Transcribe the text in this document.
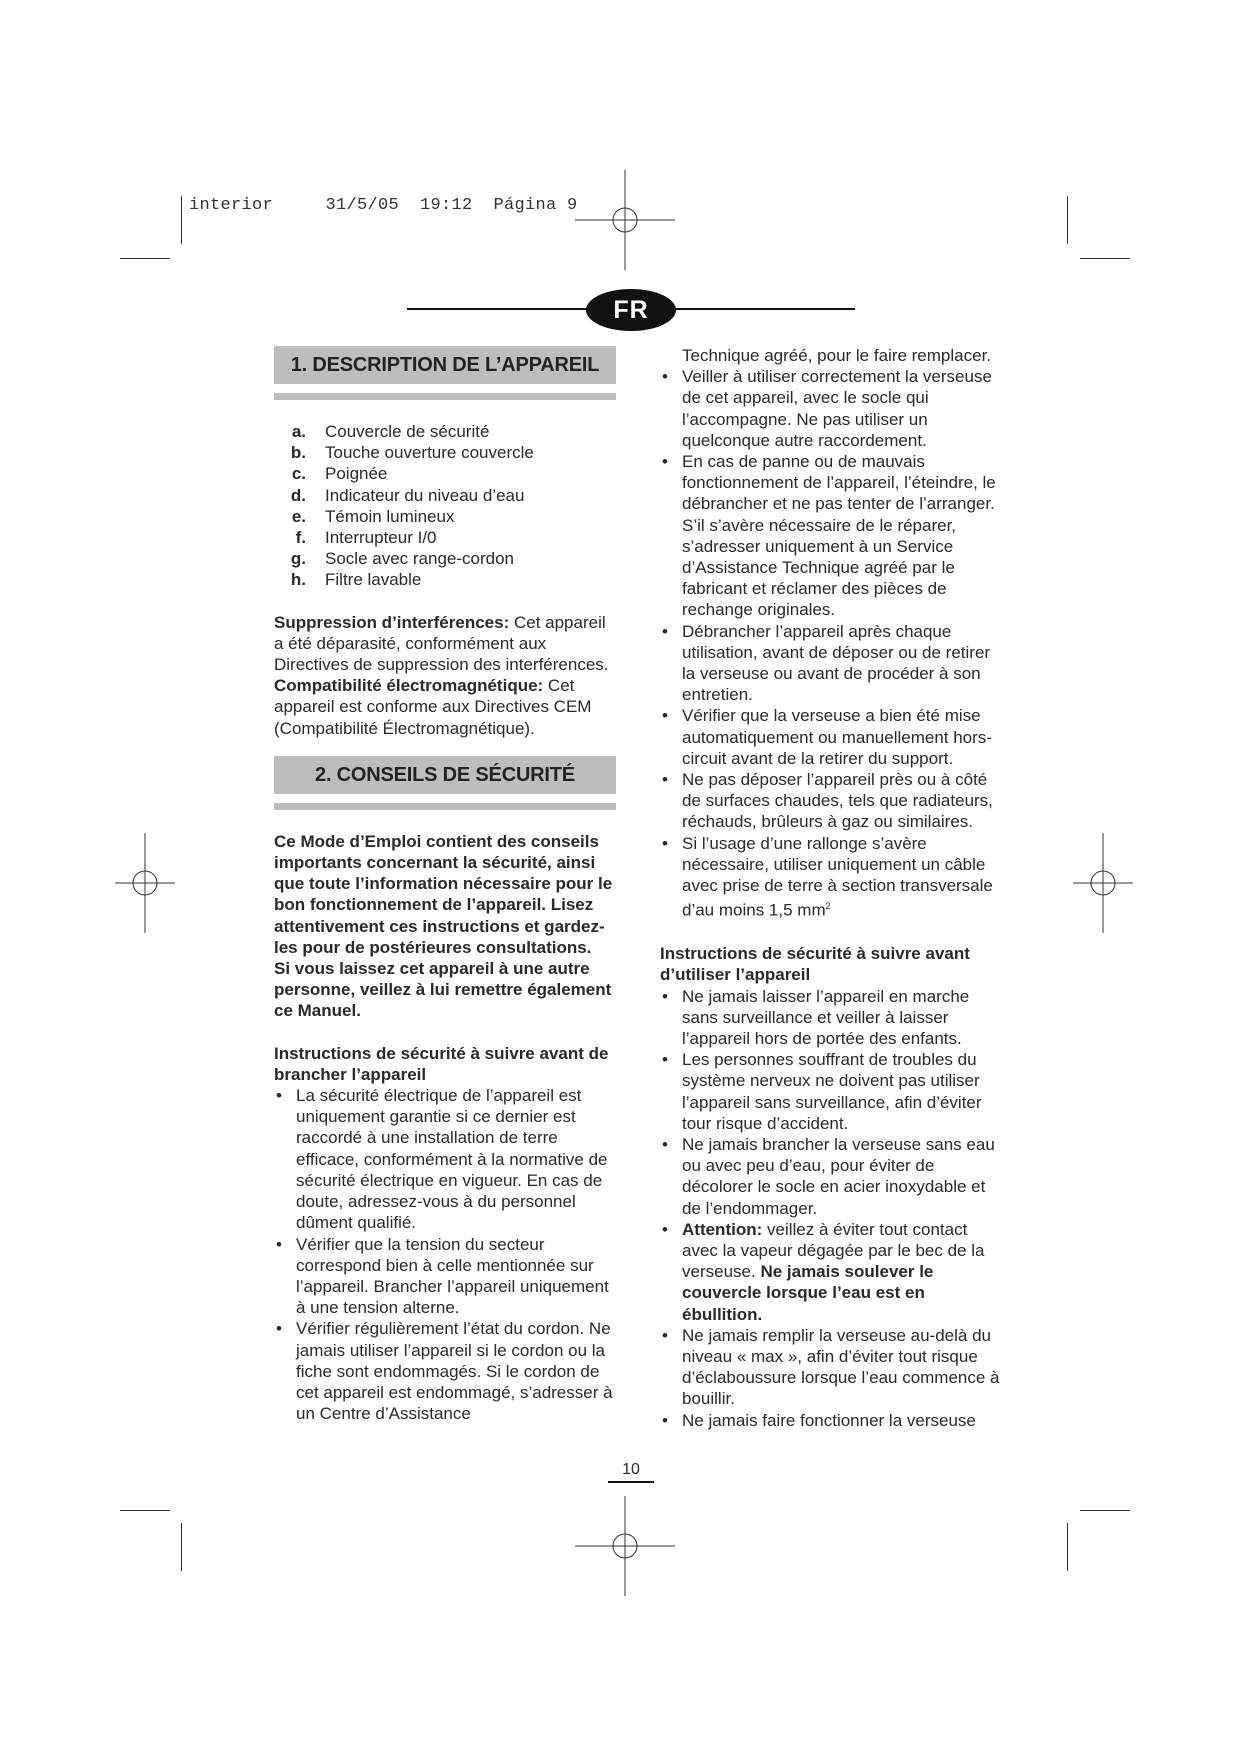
interior     31/5/05  19:12  Página 9
FR
1. DESCRIPTION DE L’APPAREIL
a. Couvercle de sécurité
b. Touche ouverture couvercle
c. Poignée
d. Indicateur du niveau d’eau
e. Témoin lumineux
f. Interrupteur I/0
g. Socle avec range-cordon
h. Filtre lavable

Suppression d’interférences: Cet appareil a été déparasité, conformément aux Directives de suppression des interférences.

Compatibilité électromagnétique: Cet appareil est conforme aux Directives CEM (Compatibilité Électromagnétique).

2. CONSEILS DE SÉCURITÉ

Ce Mode d’Emploi contient des conseils importants concernant la sécurité, ainsi que toute l’information nécessaire pour le bon fonctionnement de l’appareil. Lisez attentivement ces instructions et gardez-les pour de postérieures consultations.

Si vous laissez cet appareil à une autre personne, veillez à lui remettre également ce Manuel.

Instructions de sécurité à suivre avant de brancher l’appareil

• La sécurité électrique de l’appareil est uniquement garantie si ce dernier est raccordé à une installation de terre efficace, conformément à la normative de sécurité électrique en vigueur. En cas de doute, adressez-vous à du personnel dûment qualifié.
• Vérifier que la tension du secteur correspond bien à celle mentionnée sur l’appareil. Brancher l’appareil uniquement à une tension alterne.
• Vérifier régulièrement l’état du cordon. Ne jamais utiliser l’appareil si le cordon ou la fiche sont endommagés. Si le cordon de cet appareil est endommagé, s’adresser à un Centre d’Assistance

Technique agréé, pour le faire remplacer.

• Veiller à utiliser correctement la verseuse de cet appareil, avec le socle qui l’accompagne. Ne pas utiliser un quelconque autre raccordement.
• En cas de panne ou de mauvais fonctionnement de l’appareil, l’éteindre, le débrancher et ne pas tenter de l’arranger. S’il s’avère nécessaire de le réparer, s’adresser uniquement à un Service d’Assistance Technique agréé par le fabricant et réclamer des pièces de rechange originales.
• Débrancher l’appareil après chaque utilisation, avant de déposer ou de retirer la verseuse ou avant de procéder à son entretien.
• Vérifier que la verseuse a bien été mise automatiquement ou manuellement hors-circuit avant de la retirer du support.
• Ne pas déposer l’appareil près ou à côté de surfaces chaudes, tels que radiateurs, réchauds, brûleurs à gaz ou similaires.
• Si l’usage d’une rallonge s’avère nécessaire, utiliser uniquement un câble avec prise de terre à section transversale d’au moins 1,5 $mm^2$

Instructions de sécurité à suivre avant d’utiliser l’appareil

• Ne jamais laisser l’appareil en marche sans surveillance et veiller à laisser l’appareil hors de portée des enfants.
• Les personnes souffrant de troubles du système nerveux ne doivent pas utiliser l’appareil sans surveillance, afin d’éviter tour risque d’accident.
• Ne jamais brancher la verseuse sans eau ou avec peu d’eau, pour éviter de décolorer le socle en acier inoxydable et de l’endommager.
• Attention: veillez à éviter tout contact avec la vapeur dégagée par le bec de la verseuse. Ne jamais soulever le couvercle lorsque l’eau est en ébullition.
• Ne jamais remplir la verseuse au-delà du niveau « max », afin d’éviter tout risque d’éclaboussure lorsque l’eau commence à bouillir.
• Ne jamais faire fonctionner la verseuse
10
